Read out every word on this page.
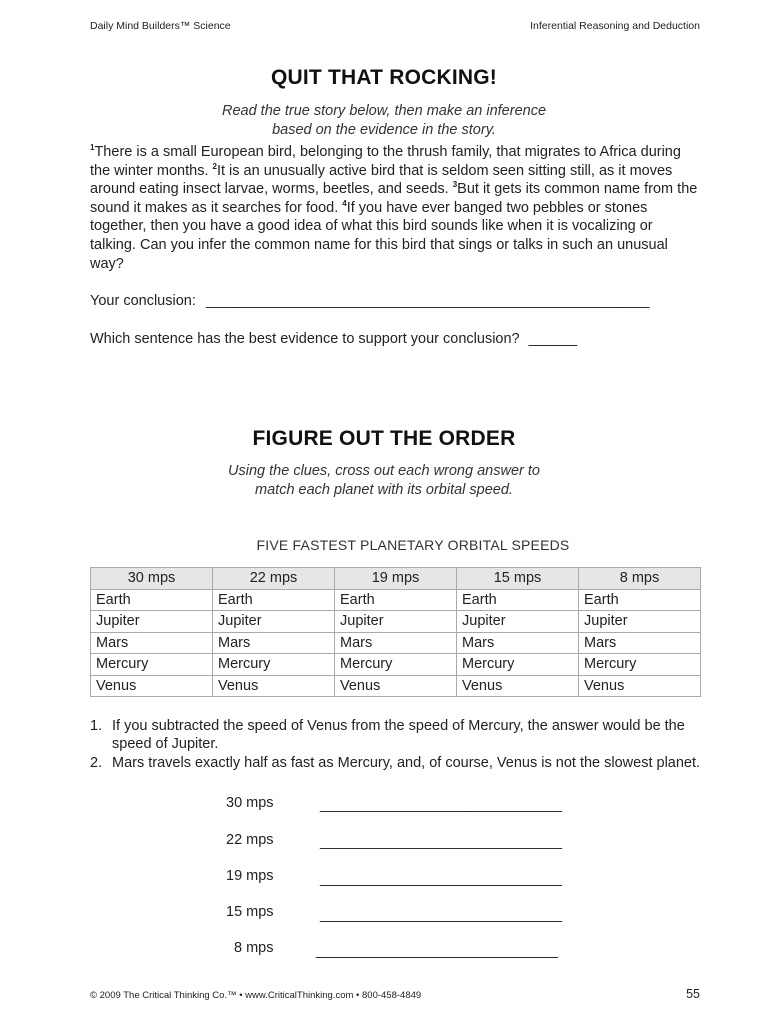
Daily Mind Builders™ Science	Inferential Reasoning and Deduction
QUIT THAT ROCKING!
Read the true story below, then make an inference
based on the evidence in the story.
$^1$There is a small European bird, belonging to the thrush family, that migrates to Africa during the winter months. $^2$It is an unusually active bird that is seldom seen sitting still, as it moves around eating insect larvae, worms, beetles, and seeds. $^3$But it gets its common name from the sound it makes as it searches for food. $^4$If you have ever banged two pebbles or stones together, then you have a good idea of what this bird sounds like when it is vocalizing or talking. Can you infer the common name for this bird that sings or talks in such an unusual way?
Your conclusion: _______________________________________________________
Which sentence has the best evidence to support your conclusion? ______
FIGURE OUT THE ORDER
Using the clues, cross out each wrong answer to
match each planet with its orbital speed.
FIVE FASTEST PLANETARY ORBITAL SPEEDS
30 mps	22 mps	19 mps	15 mps	8 mps
Earth	Earth	Earth	Earth	Earth
Jupiter	Jupiter	Jupiter	Jupiter	Jupiter
Mars	Mars	Mars	Mars	Mars
Mercury	Mercury	Mercury	Mercury	Mercury
Venus	Venus	Venus	Venus	Venus
1. If you subtracted the speed of Venus from the speed of Mercury, the answer would be the speed of Jupiter.
2. Mars travels exactly half as fast as Mercury, and, of course, Venus is not the slowest planet.
30 mps	______________________________
22 mps	______________________________
19 mps	______________________________
15 mps	______________________________
8 mps	______________________________
© 2009 The Critical Thinking Co.™ • www.CriticalThinking.com • 800-458-4849	55
